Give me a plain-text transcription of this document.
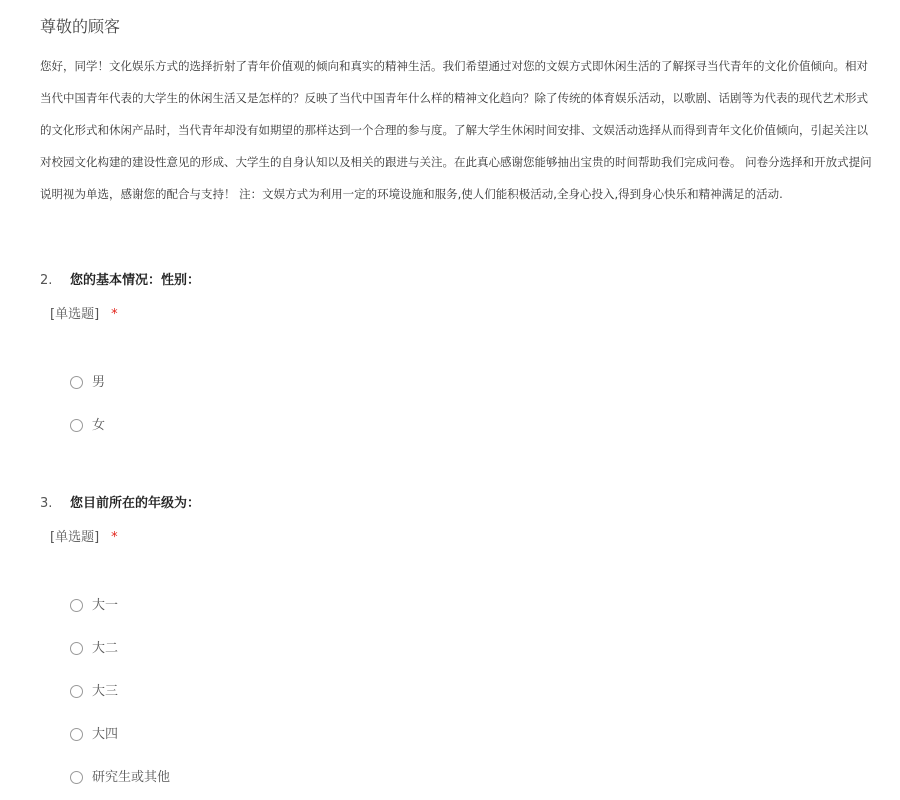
尊敬的顾客
您好，同学！文化娱乐方式的选择折射了青年价值观的倾向和真实的精神生活。我们希望通过对您的文娱方式即休闲生活的了解探寻当代青年的文化价值倾向。相对
当代中国青年代表的大学生的休闲生活又是怎样的？反映了当代中国青年什么样的精神文化趋向？除了传统的体育娱乐活动，以歌剧、话剧等为代表的现代艺术形式
的文化形式和休闲产品时，当代青年却没有如期望的那样达到一个合理的参与度。了解大学生休闲时间安排、文娱活动选择从而得到青年文化价值倾向，引起关注以
对校园文化构建的建设性意见的形成、大学生的自身认知以及相关的跟进与关注。在此真心感谢您能够抽出宝贵的时间帮助我们完成问卷。 问卷分选择和开放式提问
说明视为单选，感谢您的配合与支持！ 注：文娱方式为利用一定的环境设施和服务,使人们能积极活动,全身心投入,得到身心快乐和精神满足的活动.
2. 您的基本情况：性别：
[单选题] *
男
女
3. 您目前所在的年级为：
[单选题] *
大一
大二
大三
大四
研究生或其他
